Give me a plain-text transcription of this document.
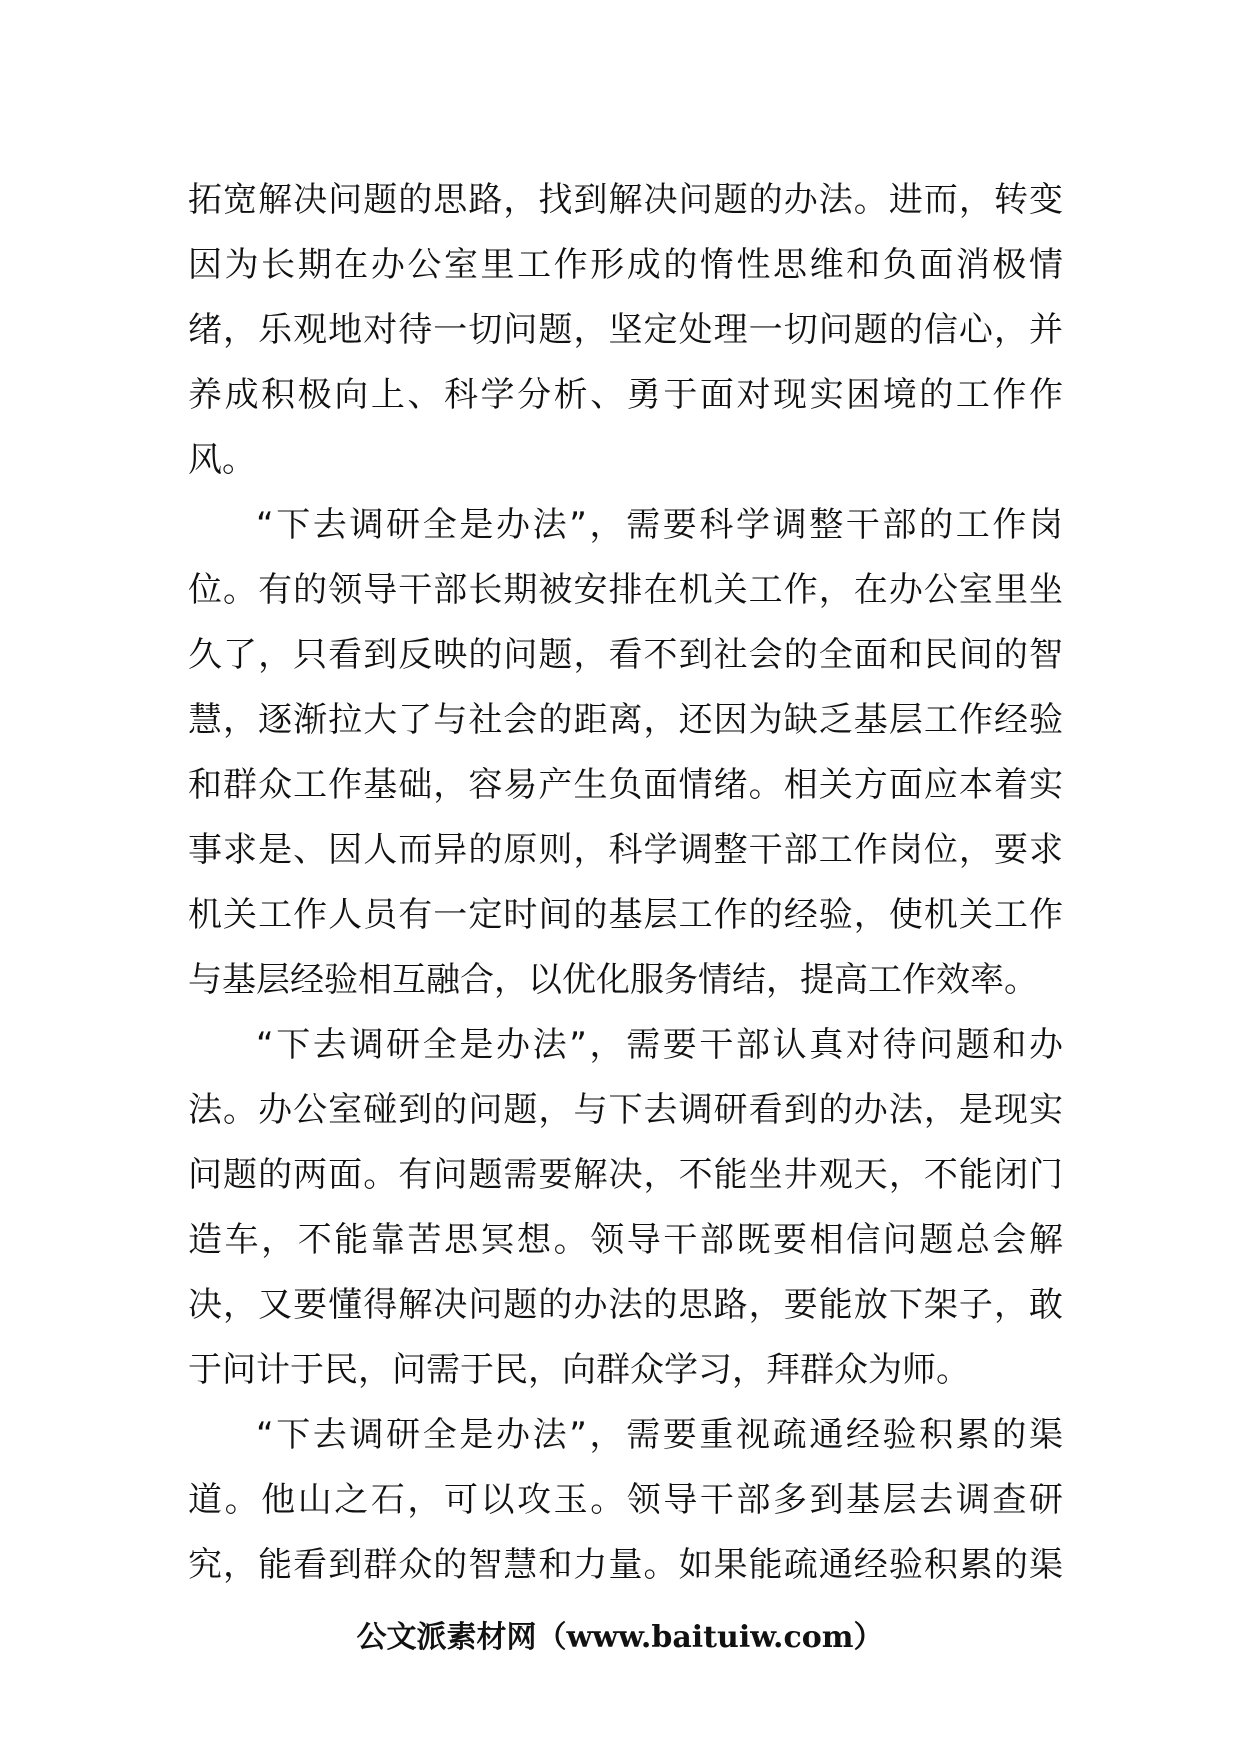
拓宽解决问题的思路，找到解决问题的办法。进而，转变
因为长期在办公室里工作形成的惰性思维和负面消极情
绪，乐观地对待一切问题，坚定处理一切问题的信心，并
养成积极向上、科学分析、勇于面对现实困境的工作作
风。
“下去调研全是办法”，需要科学调整干部的工作岗
位。有的领导干部长期被安排在机关工作，在办公室里坐
久了，只看到反映的问题，看不到社会的全面和民间的智
慧，逐渐拉大了与社会的距离，还因为缺乏基层工作经验
和群众工作基础，容易产生负面情绪。相关方面应本着实
事求是、因人而异的原则，科学调整干部工作岗位，要求
机关工作人员有一定时间的基层工作的经验，使机关工作
与基层经验相互融合，以优化服务情结，提高工作效率。
“下去调研全是办法”，需要干部认真对待问题和办
法。办公室碰到的问题，与下去调研看到的办法，是现实
问题的两面。有问题需要解决，不能坐井观天，不能闭门
造车，不能靠苦思冥想。领导干部既要相信问题总会解
决，又要懂得解决问题的办法的思路，要能放下架子，敢
于问计于民，问需于民，向群众学习，拜群众为师。
“下去调研全是办法”，需要重视疏通经验积累的渠
道。他山之石，可以攻玉。领导干部多到基层去调查研
究，能看到群众的智慧和力量。如果能疏通经验积累的渠
公文派素材网（www.baituiw.com）
